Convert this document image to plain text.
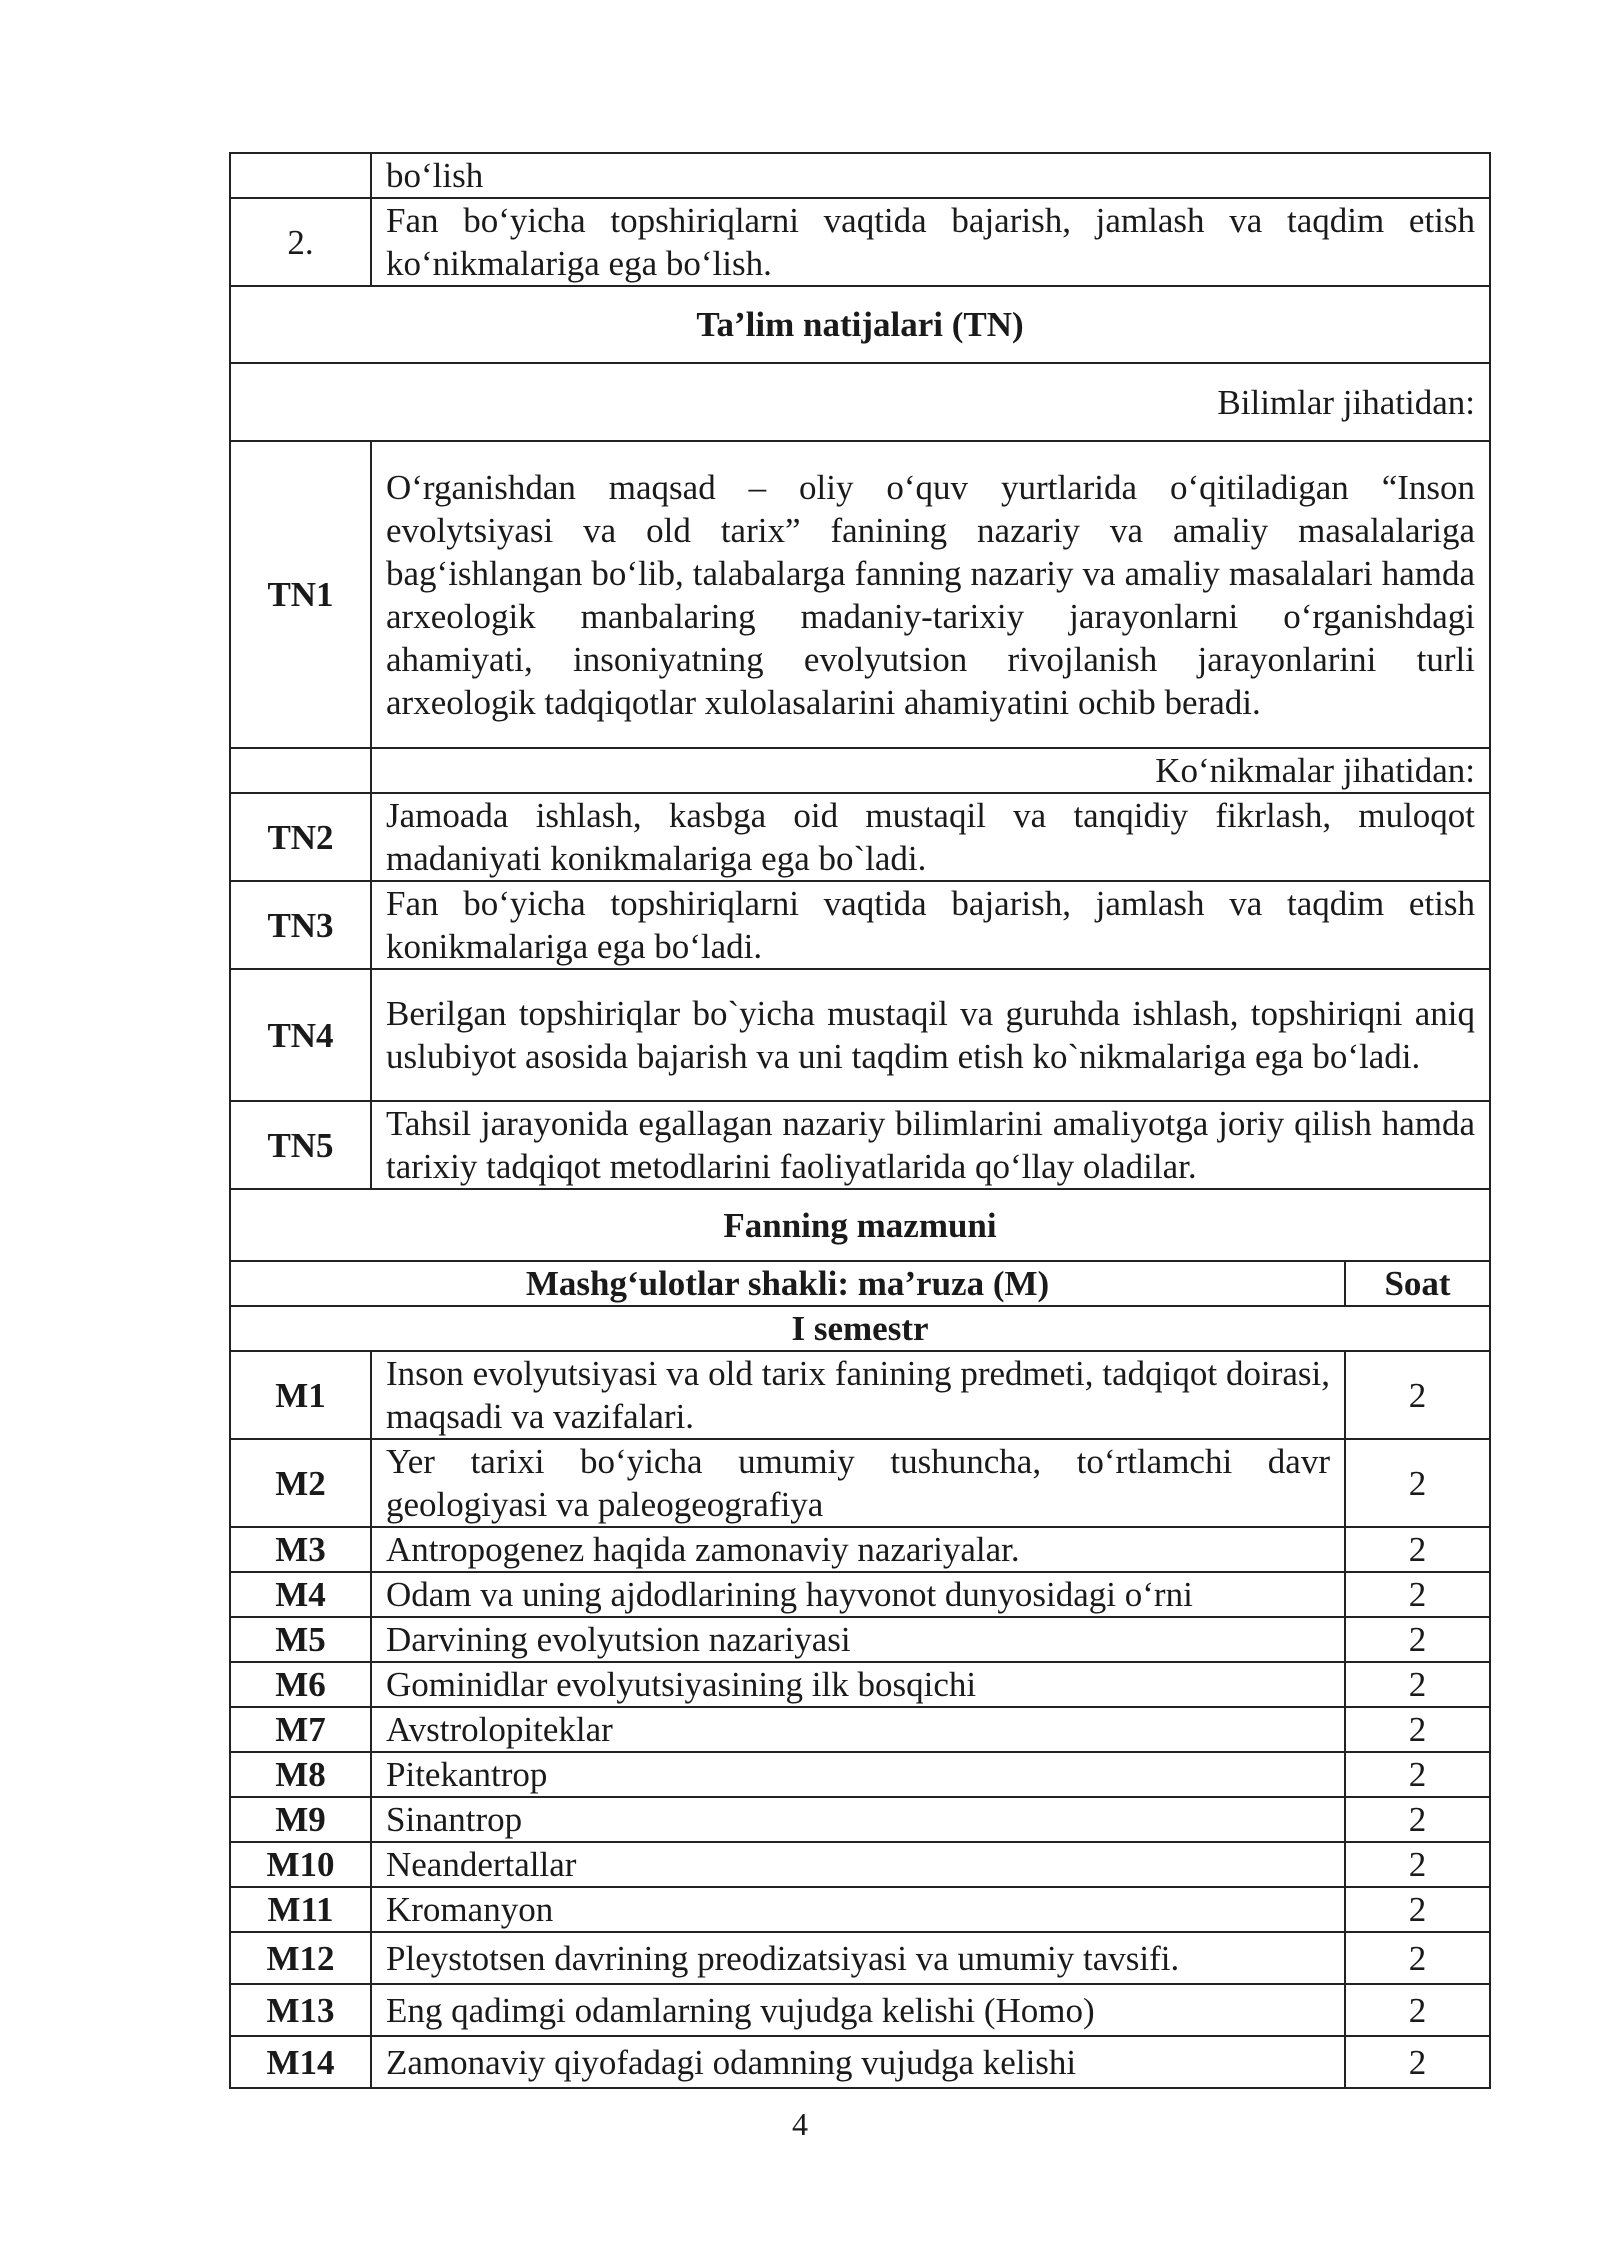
	bo‘lish	
2.	Fan bo‘yicha topshiriqlarni vaqtida bajarish, jamlash va taqdim etish ko‘nikmalariga ega bo‘lish.	
Ta’lim natijalari (TN)		
Bilimlar jihatidan:		
TN1	O‘rganishdan maqsad – oliy o‘quv yurtlarida o‘qitiladigan “Inson evolytsiyasi va old tarix” fanining nazariy va amaliy masalalariga bag‘ishlangan bo‘lib, talabalarga fanning nazariy va amaliy masalalari hamda arxeologik manbalaring madaniy-tarixiy jarayonlarni o‘rganishdagi ahamiyati, insoniyatning evolyutsion rivojlanish jarayonlarini turli arxeologik tadqiqotlar xulolasalarini ahamiyatini ochib beradi.	
	Ko‘nikmalar jihatidan:	
TN2	Jamoada ishlash, kasbga oid mustaqil va tanqidiy fikrlash, muloqot madaniyati konikmalariga ega bo`ladi.	
TN3	Fan bo‘yicha topshiriqlarni vaqtida bajarish, jamlash va taqdim etish konikmalariga ega bo‘ladi.	
TN4	Berilgan topshiriqlar bo`yicha mustaqil va guruhda ishlash, topshiriqni aniq uslubiyot asosida bajarish va uni taqdim etish ko`nikmalariga ega bo‘ladi.	
TN5	Tahsil jarayonida egallagan nazariy bilimlarini amaliyotga joriy qilish hamda tarixiy tadqiqot metodlarini faoliyatlarida qo‘llay oladilar.	
Fanning mazmuni		
Mashg‘ulotlar shakli: ma’ruza (M)		Soat
I semestr		
M1	Inson evolyutsiyasi va old tarix fanining predmeti, tadqiqot doirasi, maqsadi va vazifalari.	2
M2	Yer tarixi bo‘yicha umumiy tushuncha, to‘rtlamchi davr geologiyasi va paleogeografiya	2
M3	Antropogenez haqida zamonaviy nazariyalar.	2
M4	Odam va uning ajdodlarining hayvonot dunyosidagi o‘rni	2
M5	Darvining evolyutsion nazariyasi	2
M6	Gominidlar evolyutsiyasining ilk bosqichi	2
M7	Avstrolopiteklar	2
M8	Pitekantrop	2
M9	Sinantrop	2
M10	Neandertallar	2
M11	Kromanyon	2
M12	Pleystotsen davrining preodizatsiyasi va umumiy tavsifi.	2
M13	Eng qadimgi odamlarning vujudga kelishi (Homo)	2
M14	Zamonaviy qiyofadagi odamning vujudga kelishi	2
4
